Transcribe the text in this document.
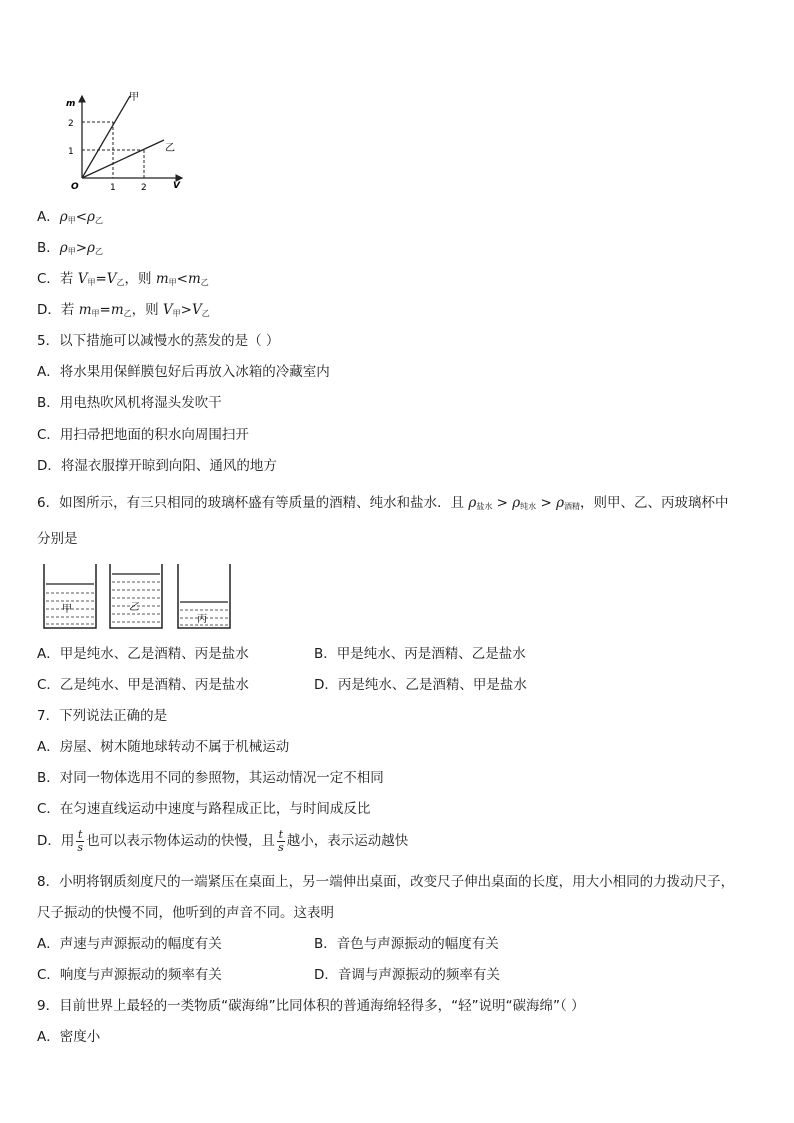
m
V
O
2
1
1	2
甲
乙
A．$\rho_甲<\rho_乙$
B．$\rho_甲>\rho_乙$
C．若 $V_甲=V_乙$，则 $m_甲<m_乙$
D．若 $m_甲=m_乙$，则 $V_甲>V_乙$
5．以下措施可以减慢水的蒸发的是（ ）
A．将水果用保鲜膜包好后再放入冰箱的冷藏室内
B．用电热吹风机将湿头发吹干
C．用扫帚把地面的积水向周围扫开
D．将湿衣服撑开晾到向阳、通风的地方
6．如图所示，有三只相同的玻璃杯盛有等质量的酒精、纯水和盐水．且 $\rho_{盐水} > \rho_{纯水} > \rho_{酒精}$，则甲、乙、丙玻璃杯中
分别是
甲	乙
丙
A．甲是纯水、乙是酒精、丙是盐水	B．甲是纯水、丙是酒精、乙是盐水
C．乙是纯水、甲是酒精、丙是盐水	D．丙是纯水、乙是酒精、甲是盐水
7．下列说法正确的是
A．房屋、树木随地球转动不属于机械运动
B．对同一物体选用不同的参照物，其运动情况一定不相同
C．在匀速直线运动中速度与路程成正比，与时间成反比
D．用 $\frac{t}{s}$ 也可以表示物体运动的快慢，且 $\frac{t}{s}$ 越小，表示运动越快
8．小明将钢质刻度尺的一端紧压在桌面上，另一端伸出桌面，改变尺子伸出桌面的长度，用大小相同的力拨动尺子，
尺子振动的快慢不同，他听到的声音不同。这表明
A．声速与声源振动的幅度有关	B．音色与声源振动的幅度有关
C．响度与声源振动的频率有关	D．音调与声源振动的频率有关
9．目前世界上最轻的一类物质“碳海绵”比同体积的普通海绵轻得多，“轻”说明“碳海绵”（ ）
A．密度小
